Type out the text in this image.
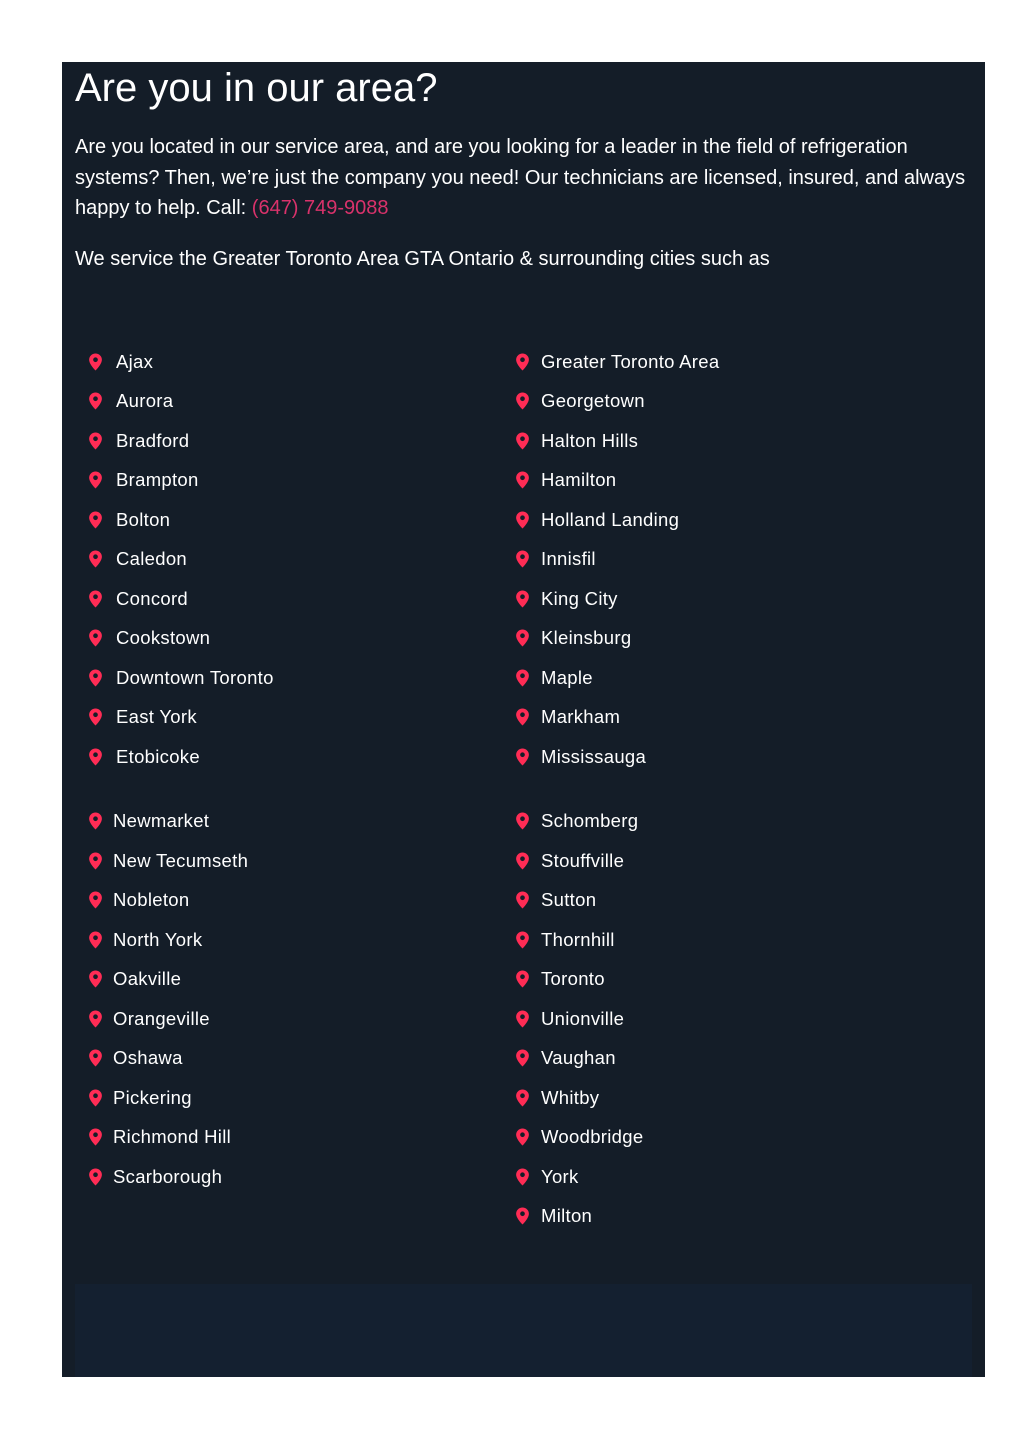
Are you in our area?

Are you located in our service area, and are you looking for a leader in the field of refrigeration systems? Then, we’re just the company you need! Our technicians are licensed, insured, and always happy to help. Call: (647) 749-9088

We service the Greater Toronto Area GTA Ontario & surrounding cities such as

Ajax
Aurora
Bradford
Brampton
Bolton
Caledon
Concord
Cookstown
Downtown Toronto
East York
Etobicoke
Greater Toronto Area
Georgetown
Halton Hills
Hamilton
Holland Landing
Innisfil
King City
Kleinsburg
Maple
Markham
Mississauga
Newmarket
New Tecumseth
Nobleton
North York
Oakville
Orangeville
Oshawa
Pickering
Richmond Hill
Scarborough
Schomberg
Stouffville
Sutton
Thornhill
Toronto
Unionville
Vaughan
Whitby
Woodbridge
York
Milton
